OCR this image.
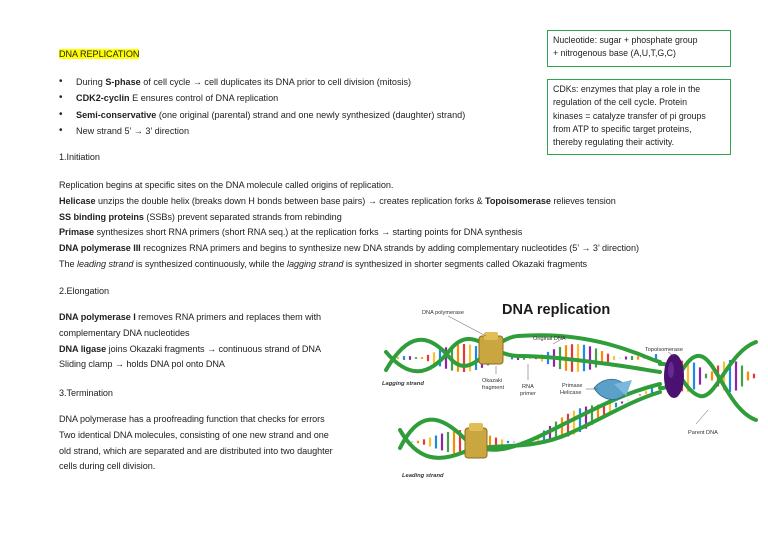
DNA REPLICATION
• During S-phase of cell cycle → cell duplicates its DNA prior to cell division (mitosis)
• CDK2-cyclin E ensures control of DNA replication
• Semi-conservative (one original (parental) strand and one newly synthesized (daughter) strand)
• New strand 5’ → 3’ direction
Nucleotide: sugar + phosphate group
+ nitrogenous base (A,U,T,G,C)
CDKs: enzymes that play a role in the
regulation of the cell cycle. Protein
kinases = catalyze transfer of pi groups
from ATP to specific target proteins,
thereby regulating their activity.
1.Initiation
Replication begins at specific sites on the DNA molecule called origins of replication.
Helicase unzips the double helix (breaks down H bonds between base pairs) → creates replication forks & Topoisomerase relieves tension
SS binding proteins (SSBs) prevent separated strands from rebinding
Primase synthesizes short RNA primers (short RNA seq.) at the replication forks → starting points for DNA synthesis
DNA polymerase III recognizes RNA primers and begins to synthesize new DNA strands by adding complementary nucleotides (5’ → 3’ direction)
The leading strand is synthesized continuously, while the lagging strand is synthesized in shorter segments called Okazaki fragments
2.Elongation
DNA polymerase I removes RNA primers and replaces them with
complementary DNA nucleotides
DNA ligase joins Okazaki fragments → continuous strand of DNA
Sliding clamp → holds DNA pol onto DNA
3.Termination
DNA polymerase has a proofreading function that checks for errors
Two identical DNA molecules, consisting of one new strand and one
old strand, which are separated and are distributed into two daughter
cells during cell division.
DNA replication
DNA polymerase
Original DNA
Topoisomerase
Okazaki
fragment	RNA
primer
Primase
Helicase
Parent DNA
Lagging strand
Leading strand
